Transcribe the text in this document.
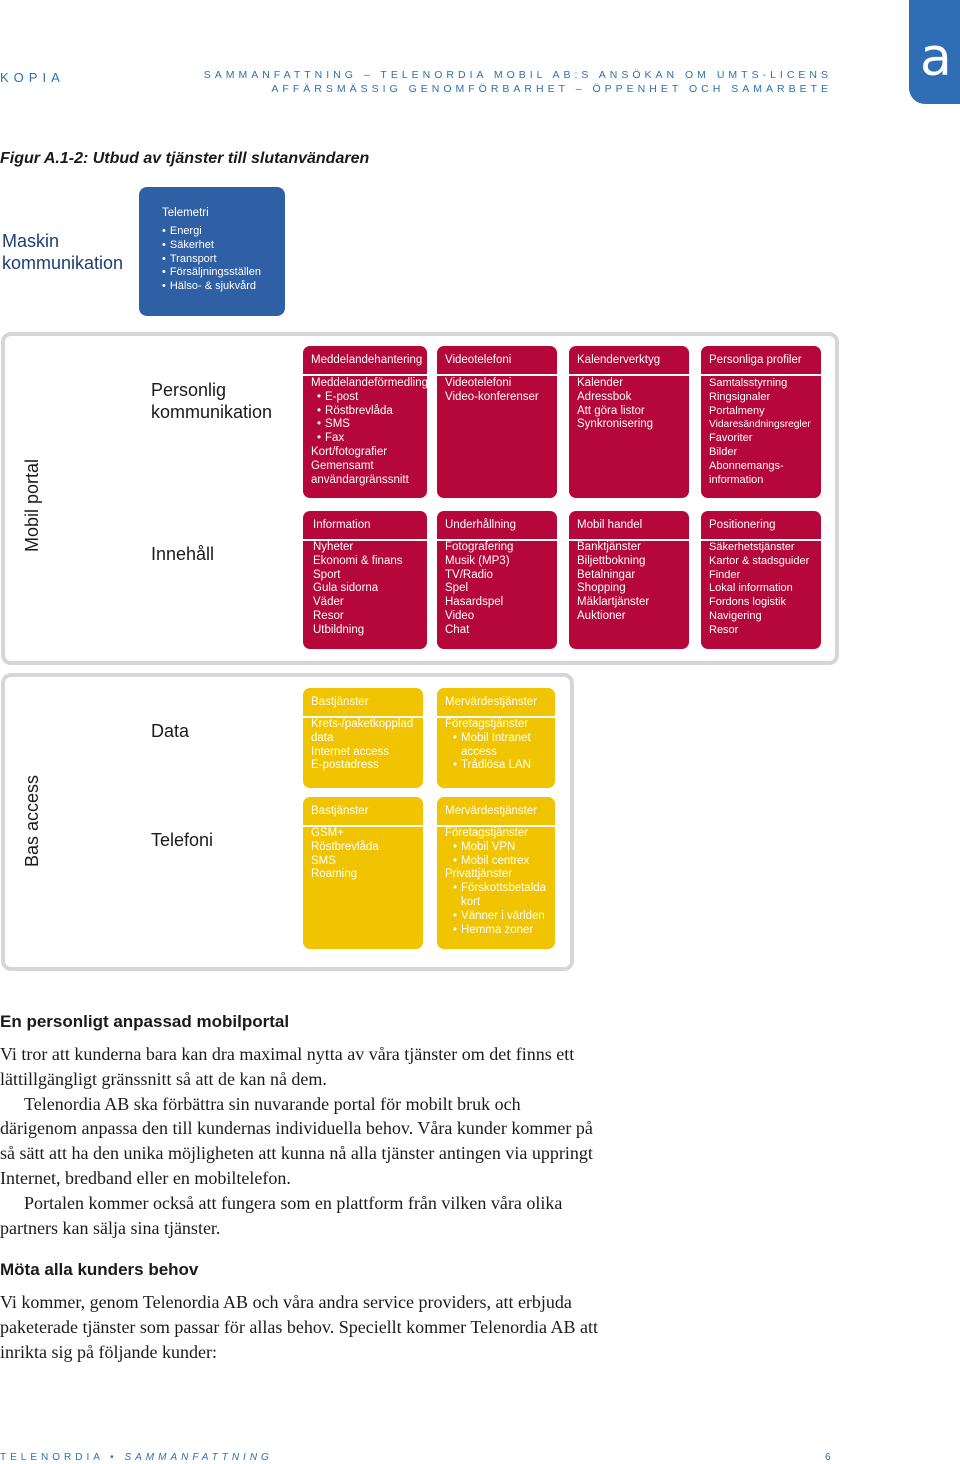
KOPIA	SAMMANFATTNING – TELENORDIA MOBIL AB:S ANSÖKAN OM UMTS-LICENS
AFFÄRSMÄSSIG GENOMFÖRBARHET – ÖPPENHET OCH SAMARBETE
a
Figur A.1-2: Utbud av tjänster till slutanvändaren
Maskin
kommunikation
Telemetri
• Energi
• Säkerhet
• Transport
• Försäljningsställen
• Hälso- & sjukvård
Mobil portal
Personlig
kommunikation
Innehåll
Meddelandehantering
Meddelandeförmedling
• E-post
• Röstbrevlåda
• SMS
• Fax
Kort/fotografier
Gemensamt
användargränssnitt
Videotelefoni
Videotelefoni
Video-konferenser
Kalenderverktyg
Kalender
Adressbok
Att göra listor
Synkronisering
Personliga profiler
Samtalsstyrning
Ringsignaler
Portalmeny
Vidaresändningsregler
Favoriter
Bilder
Abonnemangs-
information
Information
Nyheter
Ekonomi & finans
Sport
Gula sidorna
Väder
Resor
Utbildning
Underhållning
Fotografering
Musik (MP3)
TV/Radio
Spel
Hasardspel
Video
Chat
Mobil handel
Banktjänster
Biljettbokning
Betalningar
Shopping
Mäklartjänster
Auktioner
Positionering
Säkerhetstjänster
Kartor & stadsguider
Finder
Lokal information
Fordons logistik
Navigering
Resor
Bas access
Data
Telefoni
Bastjänster
Krets-/paketkopplad
data
Internet access
E-postadress
Mervärdestjänster
Företagstjänster
• Mobil Intranet
access
• Trådlösa LAN
Bastjänster
GSM+
Röstbrevlåda
SMS
Roaming
Mervärdestjänster
Företagstjänster
• Mobil VPN
• Mobil centrex
Privattjänster
• Förskottsbetalda
kort
• Vänner i världen
• Hemma zoner
En personligt anpassad mobilportal

Vi tror att kunderna bara kan dra maximal nytta av våra tjänster om det finns ett lättillgängligt gränssnitt så att de kan nå dem.

Telenordia AB ska förbättra sin nuvarande portal för mobilt bruk och därigenom anpassa den till kundernas individuella behov. Våra kunder kommer på så sätt att ha den unika möjligheten att kunna nå alla tjänster antingen via uppringt Internet, bredband eller en mobiltelefon.

Portalen kommer också att fungera som en plattform från vilken våra olika partners kan sälja sina tjänster.

Möta alla kunders behov

Vi kommer, genom Telenordia AB och våra andra service providers, att erbjuda paketerade tjänster som passar för allas behov. Speciellt kommer Telenordia AB att inrikta sig på följande kunder:

TELENORDIA • SAMMANFATTNING	6
